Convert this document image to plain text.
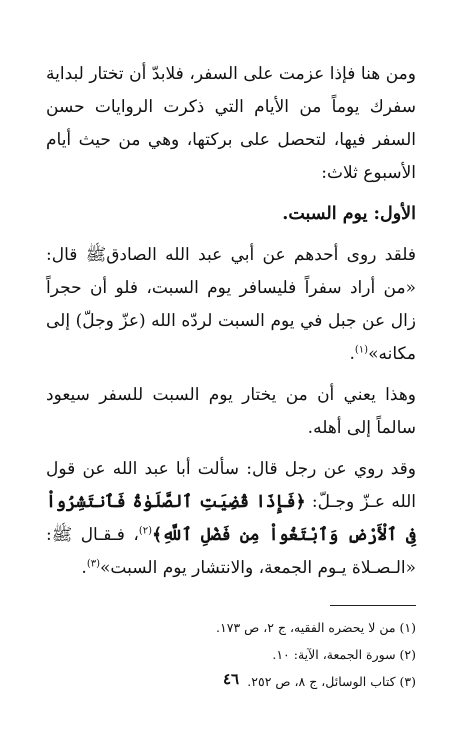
ومن هنا فإذا عزمت على السفر، فلابدّ أن تختار لبداية سفرك يوماً من الأيام التي ذكرت الروايات حسن السفر فيها، لتحصل على بركتها، وهي من حيث أيام الأسبوع ثلاث:

الأول: يوم السبت.

فلقد روى أحدهم عن أبي عبد الله الصادقﷺ قال: «من أراد سفراً فليسافر يوم السبت، فلو أن حجراً زال عن جبل في يوم السبت لردّه الله (عزّ وجلّ) إلى مكانه»$^{(١)}$.

وهذا يعني أن من يختار يوم السبت للسفر سيعود سالماً إلى أهله.

وقد روي عن رجل قال: سألت أبا عبد الله عن قول الله عـزّ وجـلّ: ﴿فَإِذَا قُضِيَتِ ٱلصَّلَوٰةُ فَٱنتَشِرُواْ فِى ٱلْأَرْضِ وَٱبْتَغُواْ مِن فَضْلِ ٱللَّهِ﴾$^{(٢)}$، فـقـال ﷺ: «الـصـلاة يـوم الجمعة، والانتشار يوم السبت»$^{(٣)}$.

(١) من لا يحضره الفقيه، ج ٢، ص ١٧٣.

(٢) سورة الجمعة، الآية: ١٠.

(٣) كتاب الوسائل، ج ٨، ص ٢٥٢.

٤٦
